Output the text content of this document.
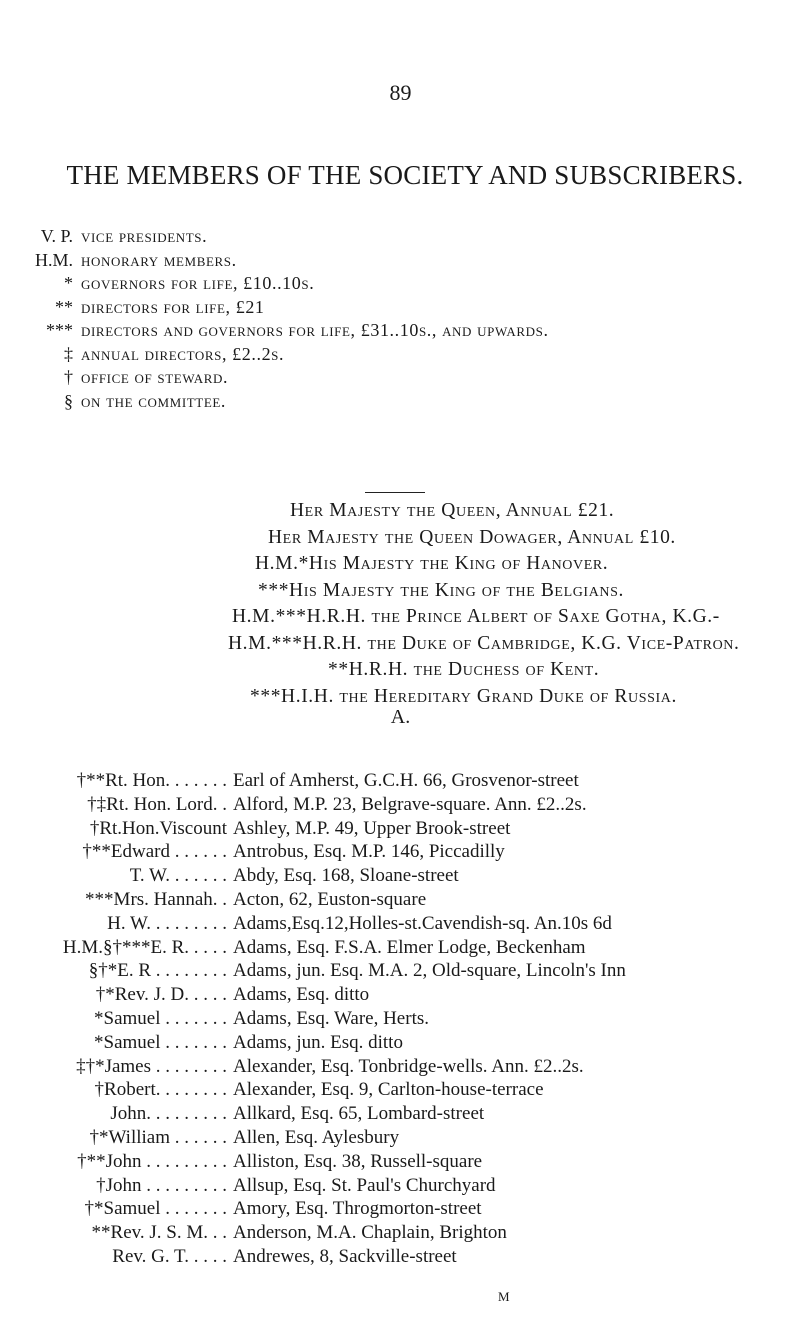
89
THE MEMBERS OF THE SOCIETY AND SUBSCRIBERS.
V. P. vice presidents.
H.M. honorary members.
* governors for life, £10..10s.
** directors for life, £21
*** directors and governors for life, £31..10s., and upwards.
‡ annual directors, £2..2s.
† office of steward.
§ on the committee.
Her Majesty the Queen, Annual £21.
Her Majesty the Queen Dowager, Annual £10.
H.M.*His Majesty the King of Hanover.
***His Majesty the King of the Belgians.
H.M.***H.R.H. the Prince Albert of Saxe Gotha, K.G.-
H.M.***H.R.H. the Duke of Cambridge, K.G. Vice-Patron.
**H.R.H. the Duchess of Kent.
***H.I.H. the Hereditary Grand Duke of Russia.
A.
†**Rt. Hon. . . . . . . Earl of Amherst, G.C.H. 66, Grosvenor-street
†‡Rt. Hon. Lord. . Alford, M.P. 23, Belgrave-square. Ann. £2..2s.
†Rt.Hon.Viscount Ashley, M.P. 49, Upper Brook-street
†**Edward . . . . . . Antrobus, Esq. M.P. 146, Piccadilly
T. W. . . . . . . Abdy, Esq. 168, Sloane-street
***Mrs. Hannah. . Acton, 62, Euston-square
H. W. . . . . . . . . Adams,Esq.12,Holles-st.Cavendish-sq. An.10s 6d
H.M.§†***E. R. . . . . Adams, Esq. F.S.A. Elmer Lodge, Beckenham
§†*E. R . . . . . . . . Adams, jun. Esq. M.A. 2, Old-square, Lincoln's Inn
†*Rev. J. D. . . . . Adams, Esq. ditto
*Samuel . . . . . . . Adams, Esq. Ware, Herts.
*Samuel . . . . . . . Adams, jun. Esq. ditto
‡†*James . . . . . . . . Alexander, Esq. Tonbridge-wells. Ann. £2..2s.
†Robert. . . . . . . . Alexander, Esq. 9, Carlton-house-terrace
John. . . . . . . . . Allkard, Esq. 65, Lombard-street
†*William . . . . . . Allen, Esq. Aylesbury
†**John . . . . . . . . . Alliston, Esq. 38, Russell-square
†John . . . . . . . . . Allsup, Esq. St. Paul's Churchyard
†*Samuel . . . . . . . Amory, Esq. Throgmorton-street
**Rev. J. S. M. . . Anderson, M.A. Chaplain, Brighton
Rev. G. T. . . . . Andrewes, 8, Sackville-street
M
